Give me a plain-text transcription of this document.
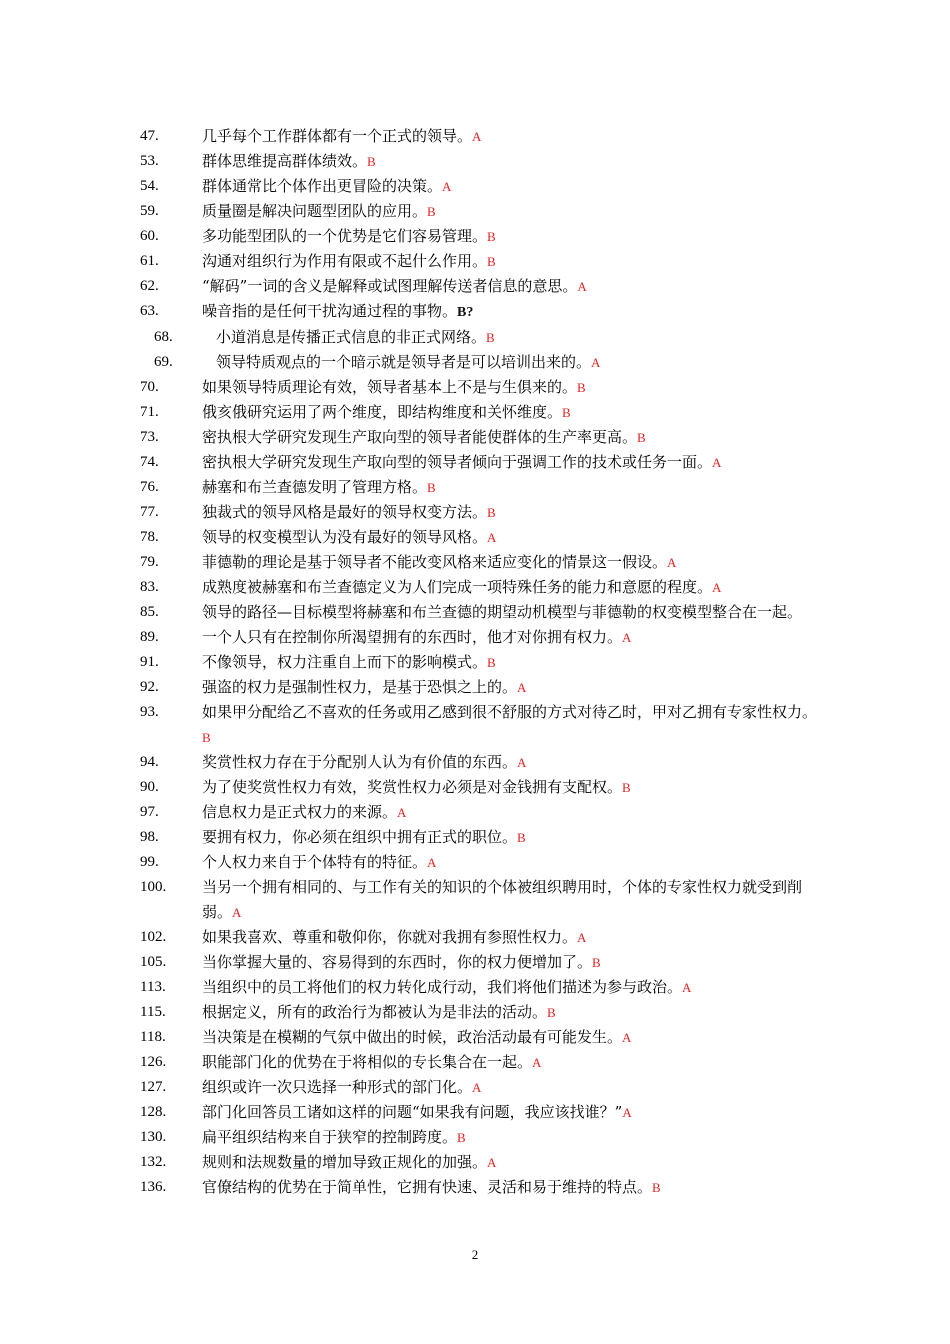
47.	几乎每个工作群体都有一个正式的领导。A
53.	群体思维提高群体绩效。B
54.	群体通常比个体作出更冒险的决策。A
59.	质量圈是解决问题型团队的应用。B
60.	多功能型团队的一个优势是它们容易管理。B
61.	沟通对组织行为作用有限或不起什么作用。B
62.	“解码”一词的含义是解释或试图理解传送者信息的意思。A
63.	噪音指的是任何干扰沟通过程的事物。B?
68.	小道消息是传播正式信息的非正式网络。B
69.	领导特质观点的一个暗示就是领导者是可以培训出来的。A
70.	如果领导特质理论有效，领导者基本上不是与生俱来的。B
71.	俄亥俄研究运用了两个维度，即结构维度和关怀维度。B
73.	密执根大学研究发现生产取向型的领导者能使群体的生产率更高。B
74.	密执根大学研究发现生产取向型的领导者倾向于强调工作的技术或任务一面。A
76.	赫塞和布兰查德发明了管理方格。B
77.	独裁式的领导风格是最好的领导权变方法。B
78.	领导的权变模型认为没有最好的领导风格。A
79.	菲德勒的理论是基于领导者不能改变风格来适应变化的情景这一假设。A
83.	成熟度被赫塞和布兰查德定义为人们完成一项特殊任务的能力和意愿的程度。A
85.	领导的路径—目标模型将赫塞和布兰查德的期望动机模型与菲德勒的权变模型整合在一起。
89.	一个人只有在控制你所渴望拥有的东西时，他才对你拥有权力。A
91.	不像领导，权力注重自上而下的影响模式。B
92.	强盗的权力是强制性权力，是基于恐惧之上的。A
93.	如果甲分配给乙不喜欢的任务或用乙感到很不舒服的方式对待乙时，甲对乙拥有专家性权力。B
94.	奖赏性权力存在于分配别人认为有价值的东西。A
90.	为了使奖赏性权力有效，奖赏性权力必须是对金钱拥有支配权。B
97.	信息权力是正式权力的来源。A
98.	要拥有权力，你必须在组织中拥有正式的职位。B
99.	个人权力来自于个体特有的特征。A
100.	当另一个拥有相同的、与工作有关的知识的个体被组织聘用时，个体的专家性权力就受到削弱。A
102.	如果我喜欢、尊重和敬仰你，你就对我拥有参照性权力。A
105.	当你掌握大量的、容易得到的东西时，你的权力便增加了。B
113.	当组织中的员工将他们的权力转化成行动，我们将他们描述为参与政治。A
115.	根据定义，所有的政治行为都被认为是非法的活动。B
118.	当决策是在模糊的气氛中做出的时候，政治活动最有可能发生。A
126.	职能部门化的优势在于将相似的专长集合在一起。A
127.	组织或许一次只选择一种形式的部门化。A
128.	部门化回答员工诸如这样的问题“如果我有问题，我应该找谁？”A
130.	扁平组织结构来自于狭窄的控制跨度。B
132.	规则和法规数量的增加导致正规化的加强。A
136.	官僚结构的优势在于简单性，它拥有快速、灵活和易于维持的特点。B
2
